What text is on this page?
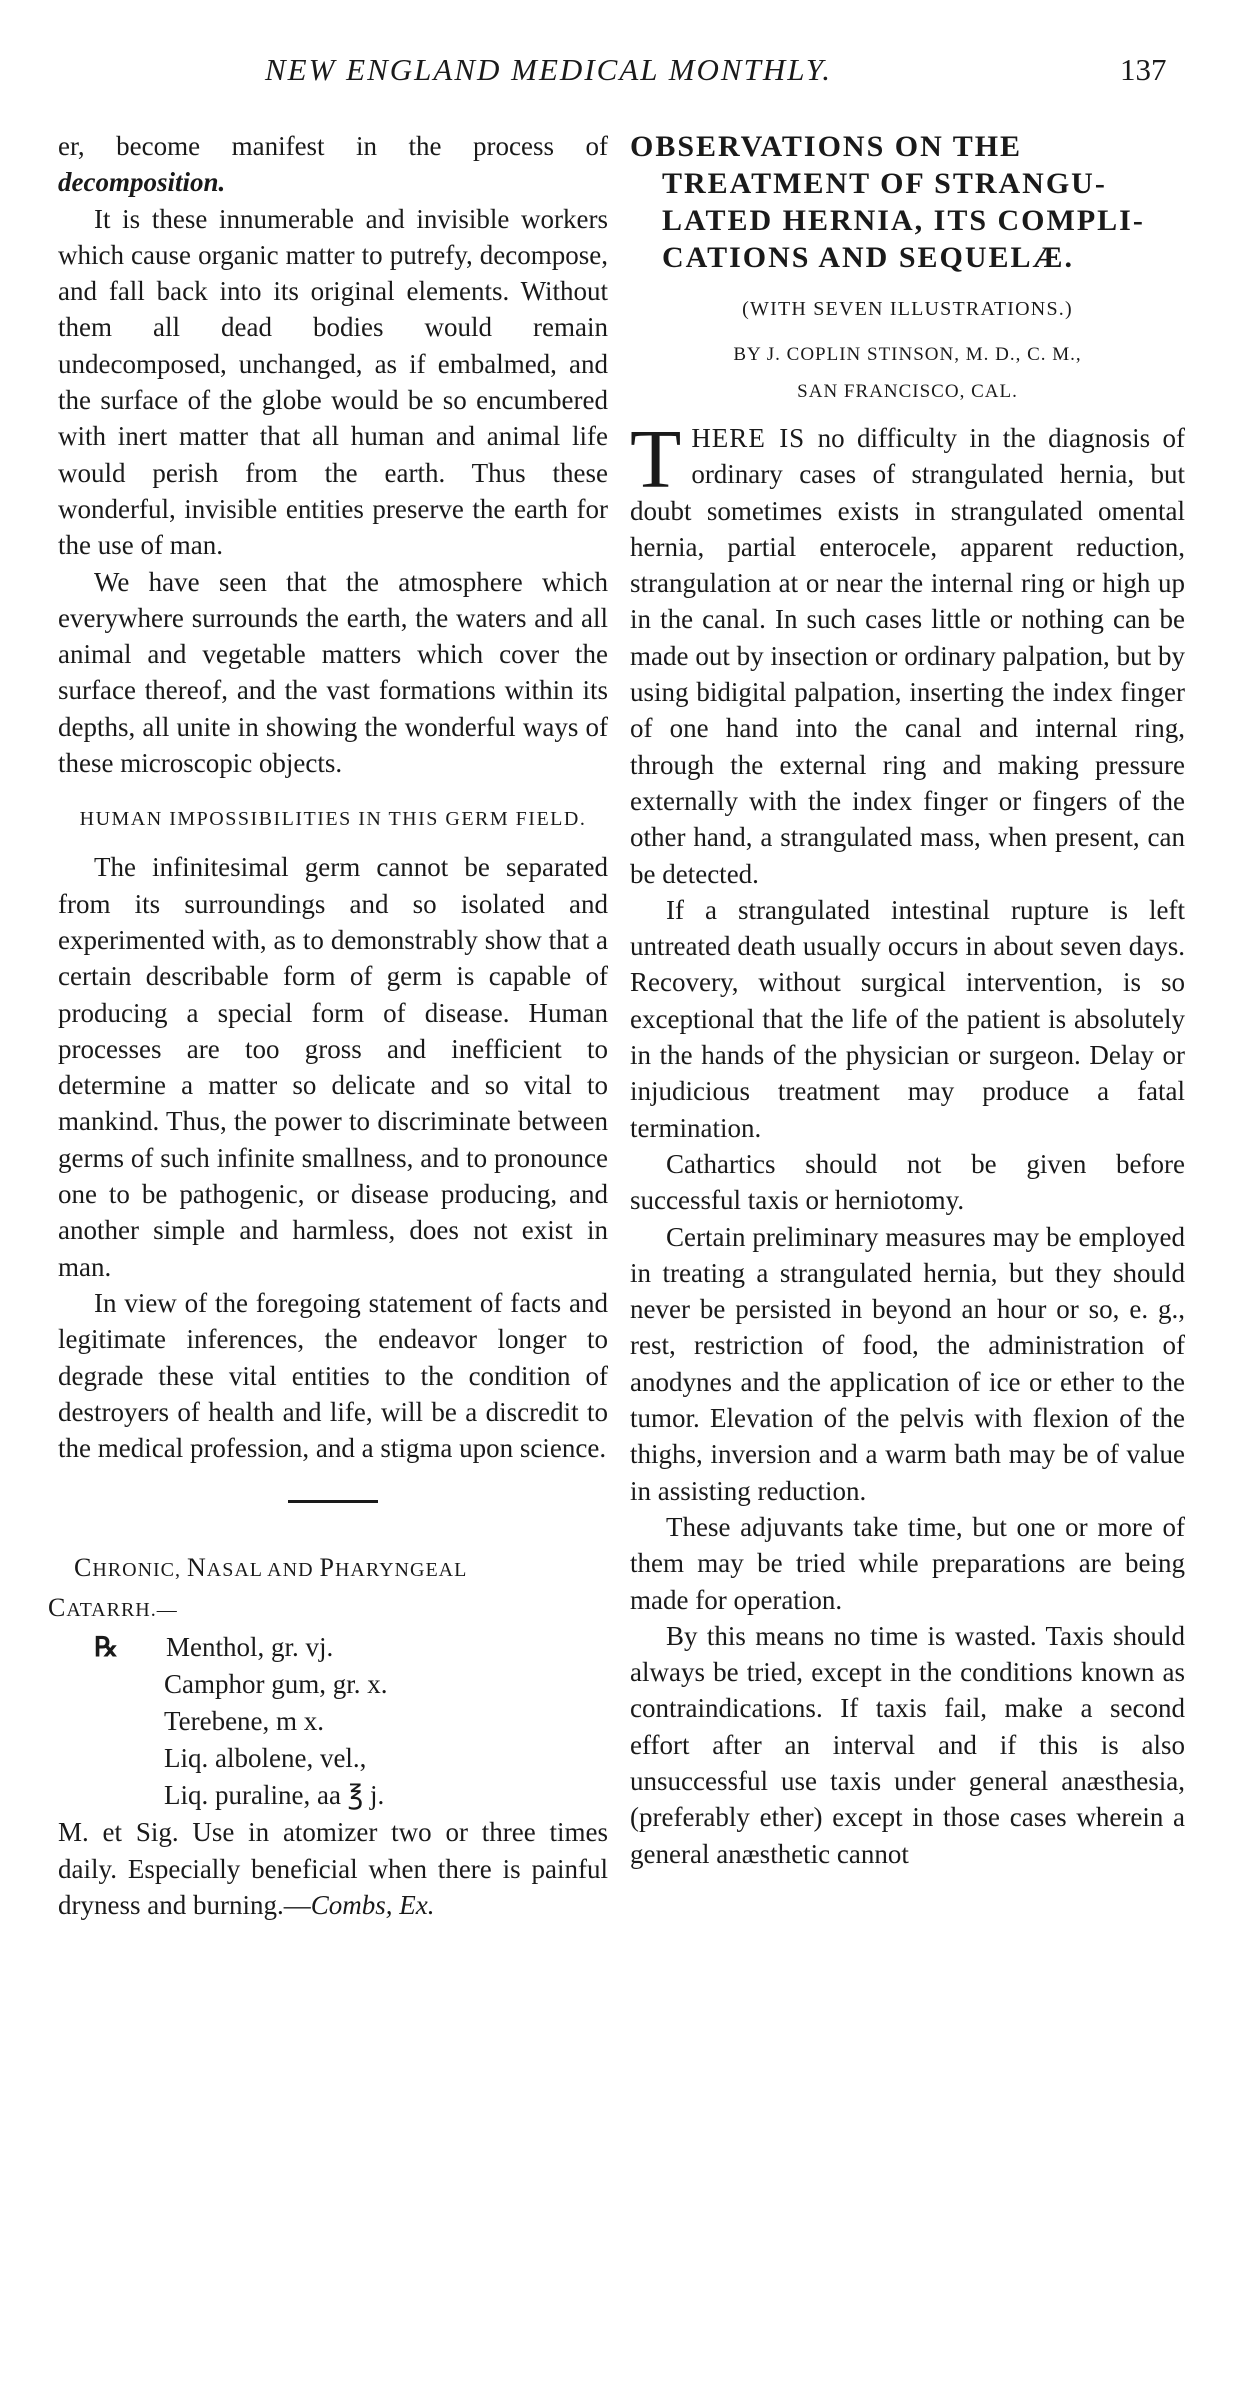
NEW ENGLAND MEDICAL MONTHLY.	137

er, become manifest in the process of decomposition.

It is these innumerable and invisible workers which cause organic matter to putrefy, decompose, and fall back into its original elements. Without them all dead bodies would remain undecomposed, unchanged, as if embalmed, and the surface of the globe would be so encumbered with inert matter that all human and animal life would perish from the earth. Thus these wonderful, invisible entities preserve the earth for the use of man.

We have seen that the atmosphere which everywhere surrounds the earth, the waters and all animal and vegetable matters which cover the surface thereof, and the vast formations within its depths, all unite in showing the wonderful ways of these microscopic objects.

HUMAN IMPOSSIBILITIES IN THIS GERM FIELD.

The infinitesimal germ cannot be separated from its surroundings and so isolated and experimented with, as to demonstrably show that a certain describable form of germ is capable of producing a special form of disease. Human processes are too gross and inefficient to determine a matter so delicate and so vital to mankind. Thus, the power to discriminate between germs of such infinite smallness, and to pronounce one to be pathogenic, or disease producing, and another simple and harmless, does not exist in man.

In view of the foregoing statement of facts and legitimate inferences, the endeavor longer to degrade these vital entities to the condition of destroyers of health and life, will be a discredit to the medical profession, and a stigma upon science.

CHRONIC, NASAL AND PHARYNGEAL

CATARRH.—

℞	Menthol, gr. vj.

Camphor gum, gr. x.

Terebene, m x.

Liq. albolene, vel.,

Liq. puraline, aa ℥ j.

M. et Sig. Use in atomizer two or three times daily. Especially beneficial when there is painful dryness and burning.—Combs, Ex.

OBSERVATIONS ON THE
TREATMENT OF STRANGU-
LATED HERNIA, ITS COMPLI-
CATIONS AND SEQUELÆ.
(WITH SEVEN ILLUSTRATIONS.)
BY J. COPLIN STINSON, M. D., C. M.,
SAN FRANCISCO, CAL.

THERE IS no difficulty in the diagnosis of ordinary cases of strangulated hernia, but doubt sometimes exists in strangulated omental hernia, partial enterocele, apparent reduction, strangulation at or near the internal ring or high up in the canal. In such cases little or nothing can be made out by insection or ordinary palpation, but by using bidigital palpation, inserting the index finger of one hand into the canal and internal ring, through the external ring and making pressure externally with the index finger or fingers of the other hand, a strangulated mass, when present, can be detected.

If a strangulated intestinal rupture is left untreated death usually occurs in about seven days. Recovery, without surgical intervention, is so exceptional that the life of the patient is absolutely in the hands of the physician or surgeon. Delay or injudicious treatment may produce a fatal termination.

Cathartics should not be given before successful taxis or herniotomy.

Certain preliminary measures may be employed in treating a strangulated hernia, but they should never be persisted in beyond an hour or so, e. g., rest, restriction of food, the administration of anodynes and the application of ice or ether to the tumor. Elevation of the pelvis with flexion of the thighs, inversion and a warm bath may be of value in assisting reduction.

These adjuvants take time, but one or more of them may be tried while preparations are being made for operation.

By this means no time is wasted. Taxis should always be tried, except in the conditions known as contraindications. If taxis fail, make a second effort after an interval and if this is also unsuccessful use taxis under general anæsthesia, (preferably ether) except in those cases wherein a general anæsthetic cannot
